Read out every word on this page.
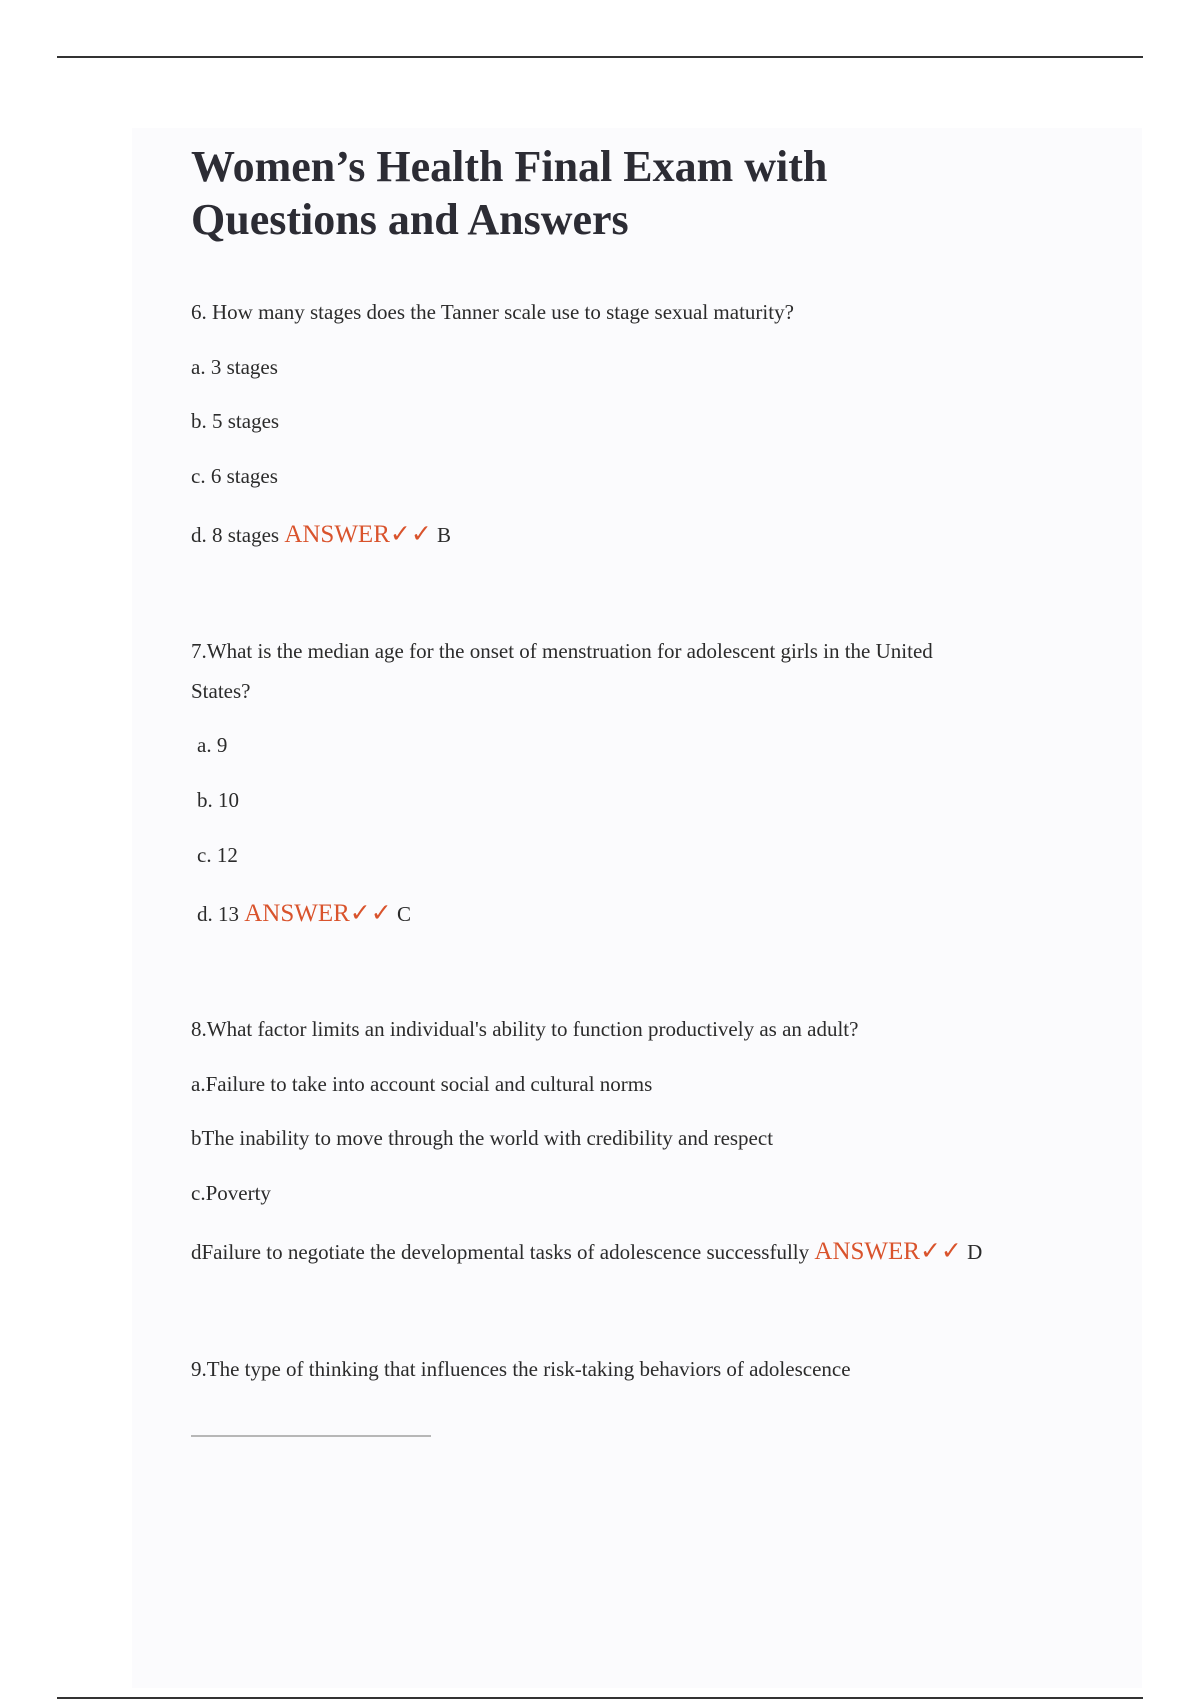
Women’s Health Final Exam with
Questions and Answers

6. How many stages does the Tanner scale use to stage sexual maturity?

a. 3 stages

b. 5 stages

c. 6 stages

d. 8 stages ANSWER✓✓ B

7.What is the median age for the onset of menstruation for adolescent girls in the United

States?

a. 9

b. 10

c. 12

d. 13 ANSWER✓✓ C

8.What factor limits an individual's ability to function productively as an adult?

a.Failure to take into account social and cultural norms

bThe inability to move through the world with credibility and respect

c.Poverty

dFailure to negotiate the developmental tasks of adolescence successfully ANSWER✓✓ D

9.The type of thinking that influences the risk-taking behaviors of adolescence
